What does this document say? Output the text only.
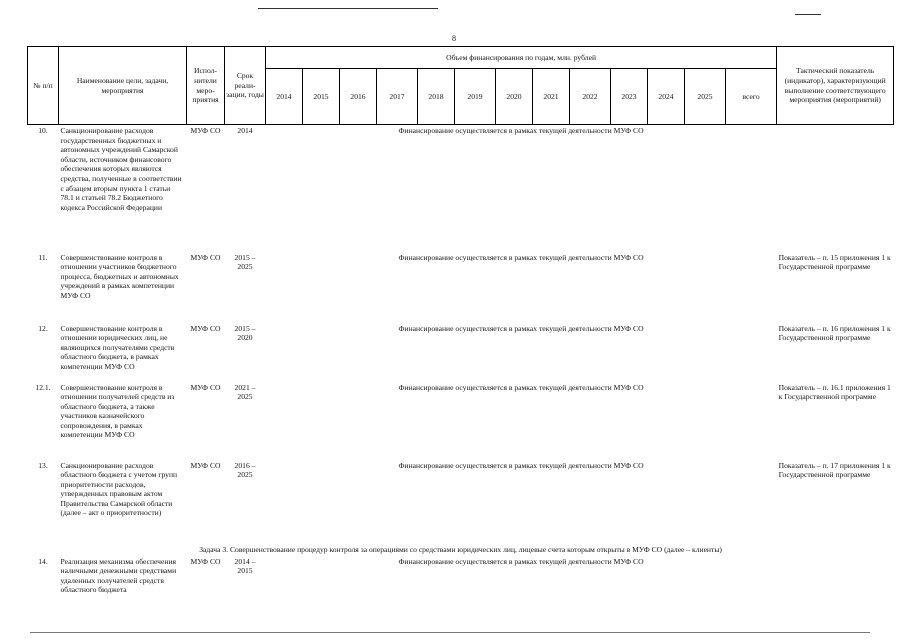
8
№ п/п	Наименование цели, задачи, мероприятия	Испол-нители меро-приятия	Срок реали-зации, годы	Объем финансирования по годам, млн. рублей													Тактический показатель (индикатор), характеризующий выполнение соответствующего мероприятия (мероприятий)
				2014	2015	2016	2017	2018	2019	2020	2021	2022	2023	2024	2025	всего	
10.	Санкционирование расходов государственных бюджетных и автономных учреждений Самарской области, источником финансового обеспечения которых являются средства, полученные в соответствии с абзацем вторым пункта 1 статьи 78.1 и статьей 78.2 Бюджетного кодекса Российской Федерации	МУФ СО	2014	Финансирование осуществляется в рамках текущей деятельности МУФ СО													
11.	Совершенствование контроля в отношении участников бюджетного процесса, бюджетных и автономных учреждений в рамках компетенции МУФ СО	МУФ СО	2015 – 2025	Финансирование осуществляется в рамках текущей деятельности МУФ СО													Показатель – п. 15 приложения 1 к Государственной программе
12.	Совершенствование контроля в отношении юридических лиц, не являющихся получателями средств областного бюджета, в рамках компетенции МУФ СО	МУФ СО	2015 – 2020	Финансирование осуществляется в рамках текущей деятельности МУФ СО													Показатель – п. 16 приложения 1 к Государственной программе
12.1.	Совершенствование контроля в отношении получателей средств из областного бюджета, а также участников казначейского сопровождения, в рамках компетенции МУФ СО	МУФ СО	2021 – 2025	Финансирование осуществляется в рамках текущей деятельности МУФ СО													Показатель – п. 16.1 приложения 1 к Государственной программе
13.	Санкционирование расходов областного бюджета с учетом групп приоритетности расходов, утвержденных правовым актом Правительства Самарской области (далее – акт о приоритетности)	МУФ СО	2016 – 2025	Финансирование осуществляется в рамках текущей деятельности МУФ СО													Показатель – п. 17 приложения 1 к Государственной программе
Задача 3. Совершенствование процедур контроля за операциями со средствами юридических лиц, лицевые счета которым открыты в МУФ СО (далее – клиенты)																	
14.	Реализация механизма обеспечения наличными денежными средствами удаленных получателей средств областного бюджета	МУФ СО	2014 – 2015	Финансирование осуществляется в рамках текущей деятельности МУФ СО													
